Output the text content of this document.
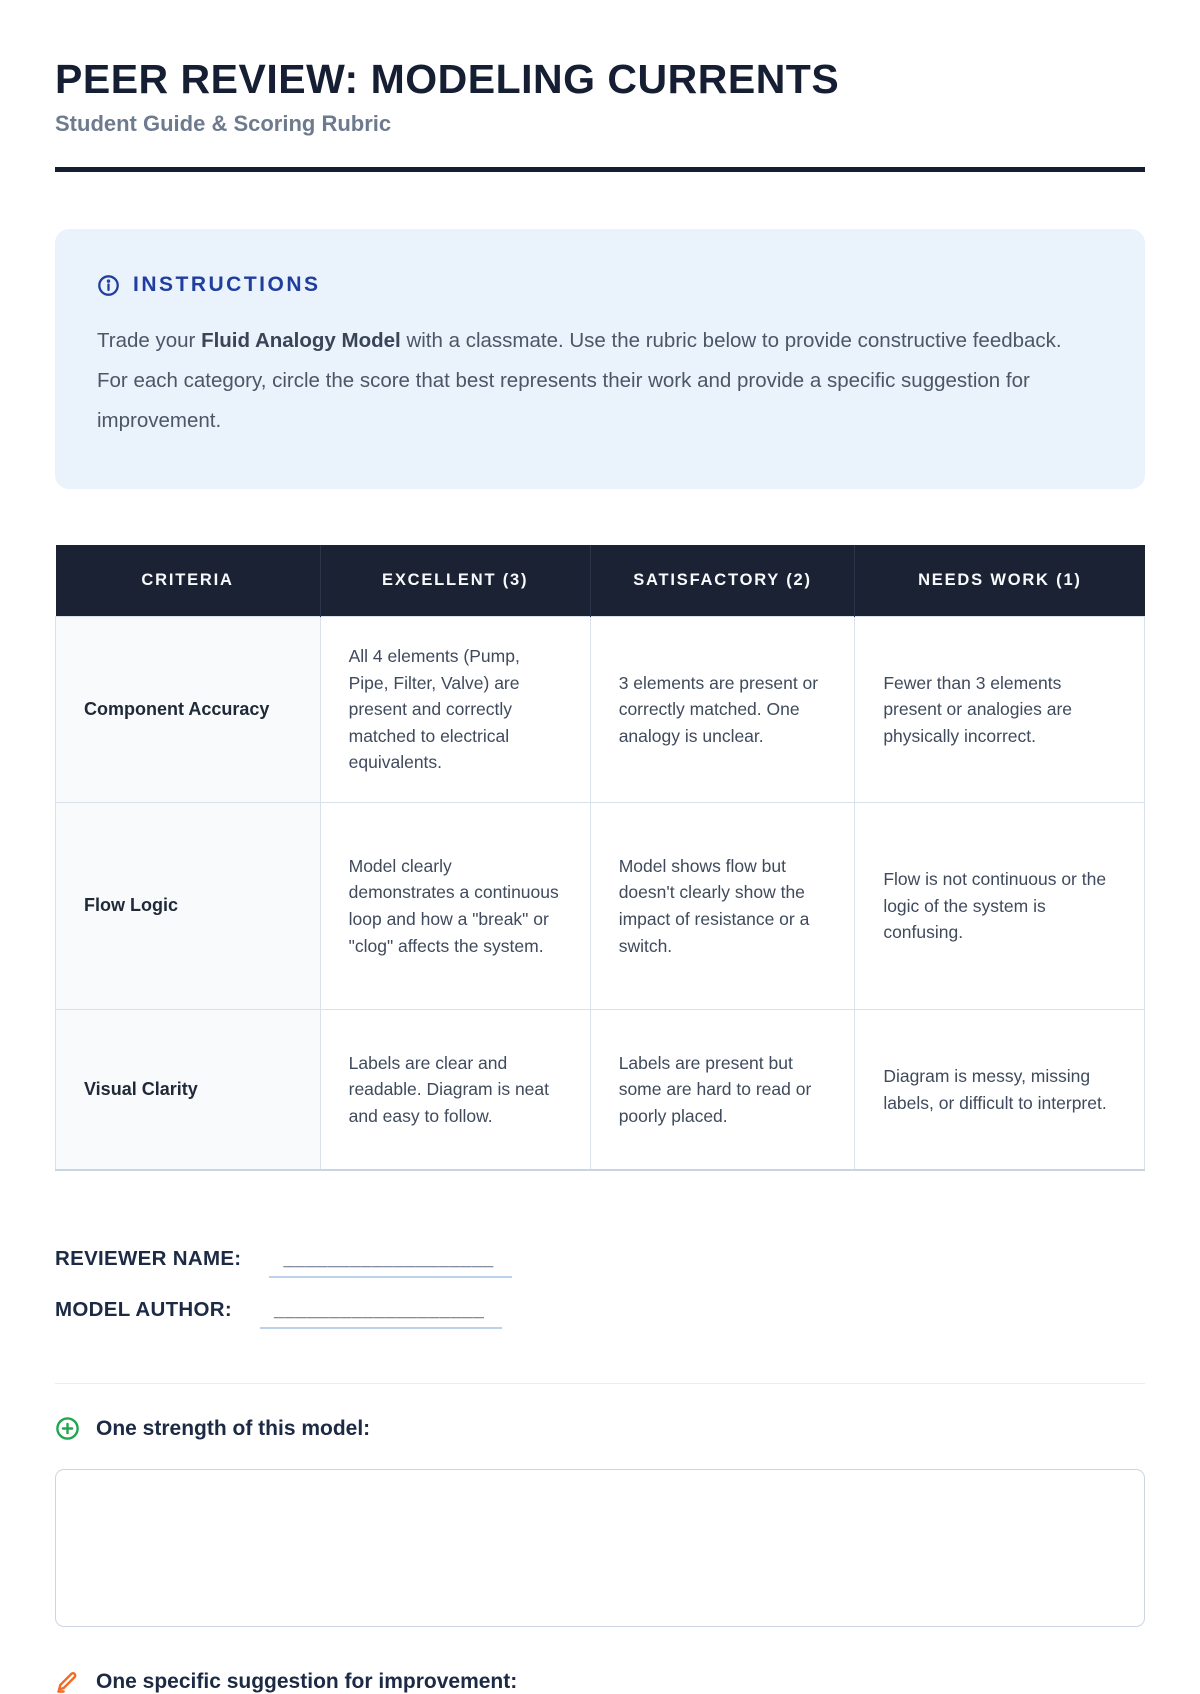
PEER REVIEW: MODELING CURRENTS
Student Guide & Scoring Rubric
INSTRUCTIONS

Trade your Fluid Analogy Model with a classmate. Use the rubric below to provide constructive feedback. For each category, circle the score that best represents their work and provide a specific suggestion for improvement.

CRITERIA	EXCELLENT (3)	SATISFACTORY (2)	NEEDS WORK (1)
Component Accuracy	All 4 elements (Pump, Pipe, Filter, Valve) are present and correctly matched to electrical equivalents.	3 elements are present or correctly matched. One analogy is unclear.	Fewer than 3 elements present or analogies are physically incorrect.
Flow Logic	Model clearly demonstrates a continuous loop and how a "break" or "clog" affects the system.	Model shows flow but doesn't clearly show the impact of resistance or a switch.	Flow is not continuous or the logic of the system is confusing.
Visual Clarity	Labels are clear and readable. Diagram is neat and easy to follow.	Labels are present but some are hard to read or poorly placed.	Diagram is messy, missing labels, or difficult to interpret.
REVIEWER NAME:	___________________
MODEL AUTHOR:	___________________
One strength of this model:
One specific suggestion for improvement:
